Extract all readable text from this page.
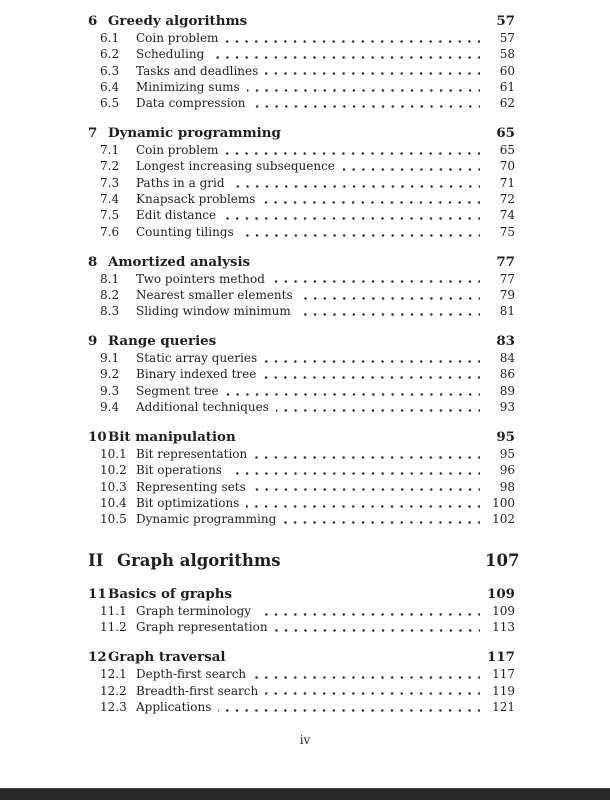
6 Greedy algorithms	57
6.1	Coin problem	57
6.2	Scheduling	58
6.3	Tasks and deadlines	60
6.4	Minimizing sums	61
6.5	Data compression	62
7 Dynamic programming	65
7.1	Coin problem	65
7.2	Longest increasing subsequence	70
7.3	Paths in a grid	71
7.4	Knapsack problems	72
7.5	Edit distance	74
7.6	Counting tilings	75
8 Amortized analysis	77
8.1	Two pointers method	77
8.2	Nearest smaller elements	79
8.3	Sliding window minimum	81
9 Range queries	83
9.1	Static array queries	84
9.2	Binary indexed tree	86
9.3	Segment tree	89
9.4	Additional techniques	93
10 Bit manipulation	95
10.1 Bit representation	95
10.2 Bit operations	96
10.3 Representing sets	98
10.4 Bit optimizations	100
10.5 Dynamic programming	102
II Graph algorithms	107
11 Basics of graphs	109
11.1 Graph terminology	109
11.2 Graph representation	113
12 Graph traversal	117
12.1 Depth-first search	117
12.2 Breadth-first search	119
12.3 Applications	121
iv
